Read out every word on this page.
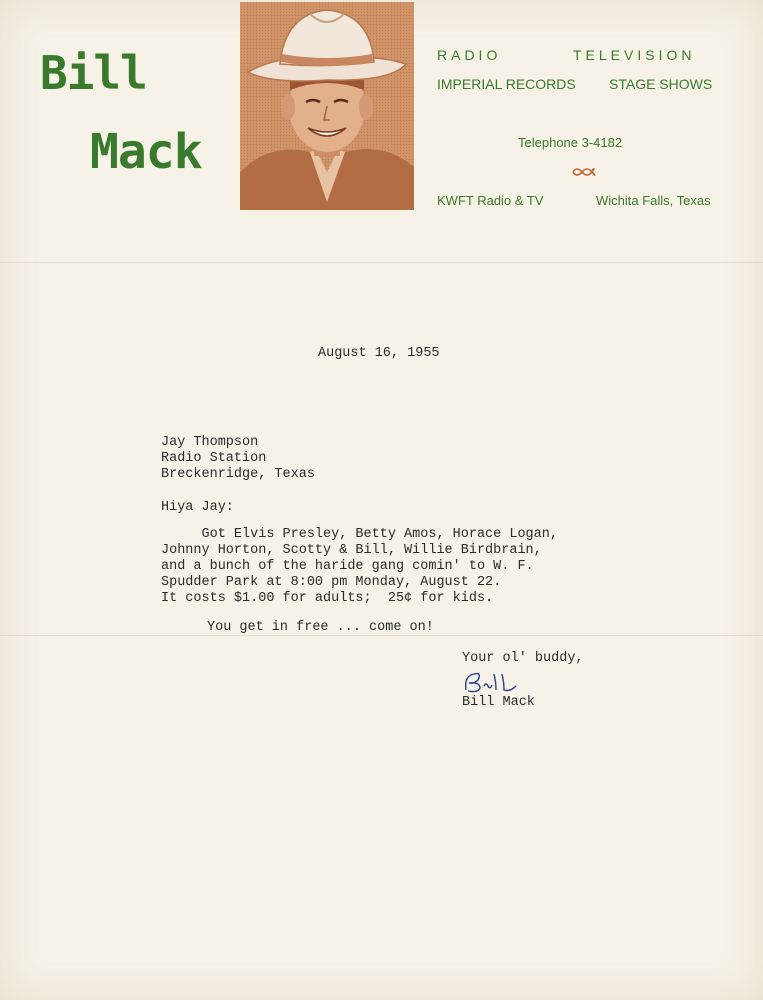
Bill
Mack
RADIO	TELEVISION
IMPERIAL RECORDS STAGE SHOWS
Telephone 3-4182
KWFT Radio & TV	Wichita Falls, Texas
August 16, 1955
Jay Thompson
Radio Station
Breckenridge, Texas
Hiya Jay:
Got Elvis Presley, Betty Amos, Horace Logan,
Johnny Horton, Scotty & Bill, Willie Birdbrain,
and a bunch of the haride gang comin' to W. F.
Spudder Park at 8:00 pm Monday, August 22.
It costs $1.00 for adults;  25¢ for kids.
You get in free ... come on!
Your ol' buddy,
Bill Mack
